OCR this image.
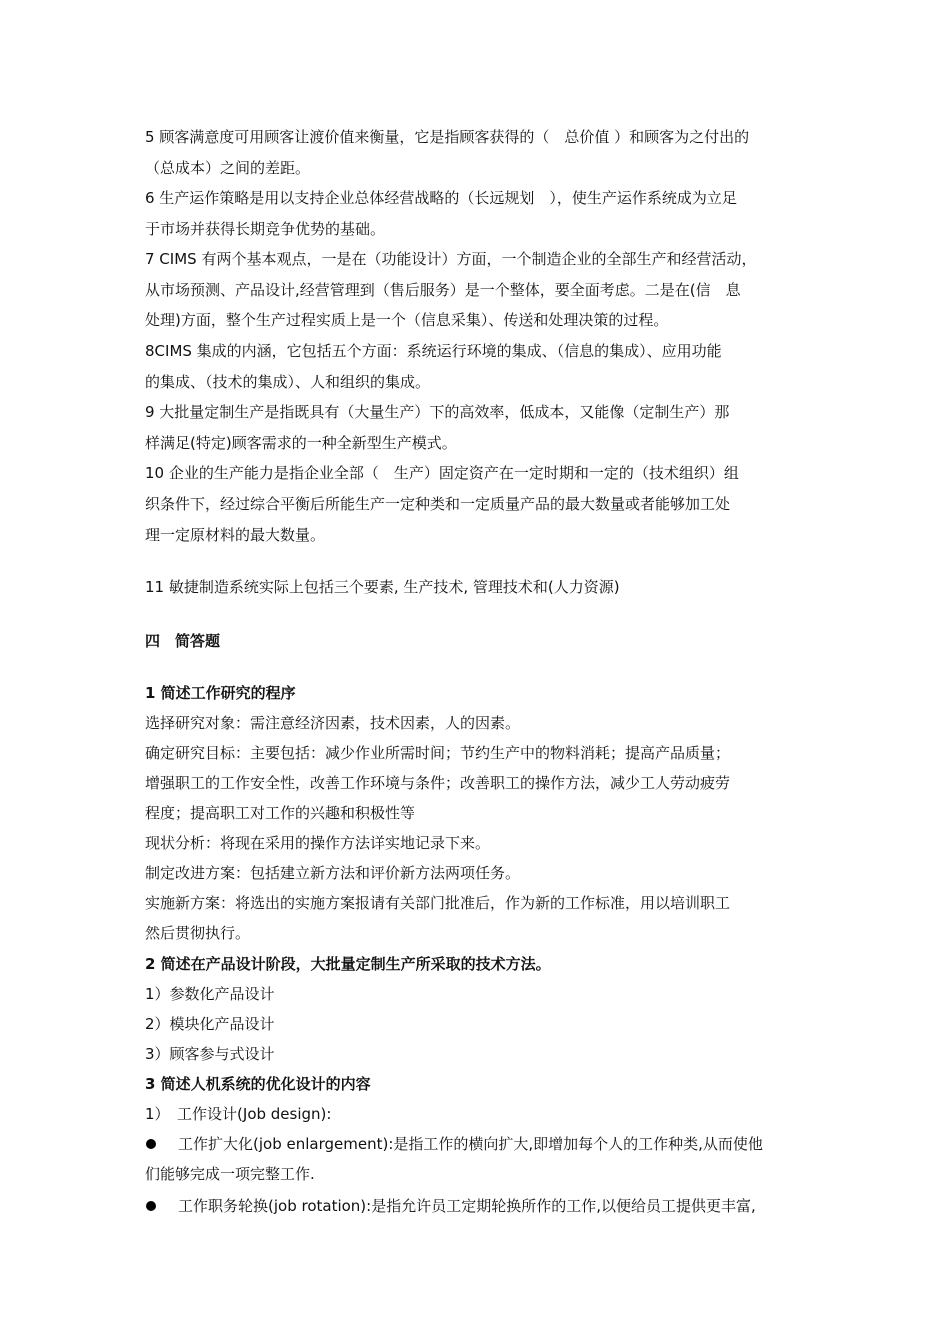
5 顾客满意度可用顾客让渡价值来衡量，它是指顾客获得的（　总价值 ）和顾客为之付出的

（总成本）之间的差距。

6 生产运作策略是用以支持企业总体经营战略的（长远规划　），使生产运作系统成为立足

于市场并获得长期竞争优势的基础。

7 CIMS 有两个基本观点，一是在（功能设计）方面，一个制造企业的全部生产和经营活动，

从市场预测、产品设计,经营管理到（售后服务）是一个整体，要全面考虑。二是在(信　息

处理)方面，整个生产过程实质上是一个（信息采集）、传送和处理决策的过程。

8CIMS 集成的内涵，它包括五个方面：系统运行环境的集成、（信息的集成）、应用功能

的集成、（技术的集成）、人和组织的集成。

9 大批量定制生产是指既具有（大量生产）下的高效率，低成本，又能像（定制生产）那

样满足(特定)顾客需求的一种全新型生产模式。

10 企业的生产能力是指企业全部（　生产）固定资产在一定时期和一定的（技术组织）组

织条件下，经过综合平衡后所能生产一定种类和一定质量产品的最大数量或者能够加工处

理一定原材料的最大数量。

11 敏捷制造系统实际上包括三个要素, 生产技术, 管理技术和(人力资源)

四　简答题

1 简述工作研究的程序

选择研究对象：需注意经济因素，技术因素，人的因素。

确定研究目标：主要包括：减少作业所需时间；节约生产中的物料消耗；提高产品质量；

增强职工的工作安全性，改善工作环境与条件；改善职工的操作方法，减少工人劳动疲劳

程度；提高职工对工作的兴趣和积极性等

现状分析：将现在采用的操作方法详实地记录下来。

制定改进方案：包括建立新方法和评价新方法两项任务。

实施新方案：将选出的实施方案报请有关部门批准后，作为新的工作标准，用以培训职工

然后贯彻执行。

2 简述在产品设计阶段，大批量定制生产所采取的技术方法。

1）参数化产品设计

2）模块化产品设计

3）顾客参与式设计

3 简述人机系统的优化设计的内容

1）　工作设计(Job design):

工作扩大化(job enlargement):是指工作的横向扩大,即增加每个人的工作种类,从而使他

们能够完成一项完整工作.

工作职务轮换(job rotation):是指允许员工定期轮换所作的工作,以便给员工提供更丰富,
